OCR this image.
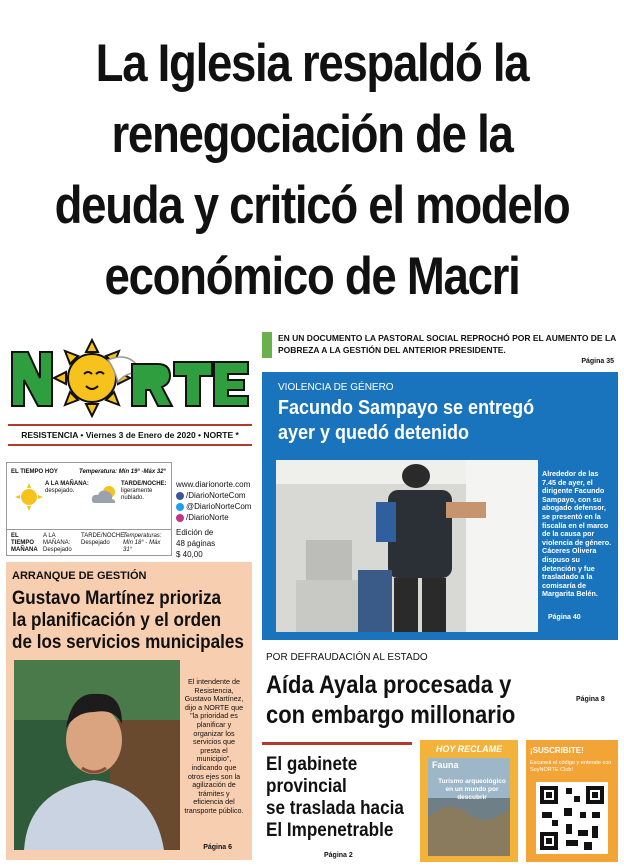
La Iglesia respaldó la
renegociación de la
deuda y criticó el modelo
económico de Macri
RESISTENCIA • Viernes 3 de Enero de 2020 • NORTE *
EL TIEMPO HOY	Temperatura: Mín 19° -Máx 32°
A LA MAÑANA:
despejado.
TARDE/NOCHE:
ligeramente nublado.
EL TIEMPO MAÑANA
A LA MAÑANA: Despejado
TARDE/NOCHE: Despejado
Temperaturas: Mín 18° - Máx 31°
www.diarionorte.com
/DiarioNorteCom
@DiarioNorteCom
/DiarioNorte
Edición de
48 páginas
$ 40,00
ARRANQUE DE GESTIÓN
Gustavo Martínez prioriza
la planificación y el orden
de los servicios municipales
Página 6
El intendente de Resistencia, Gustavo Martínez, dijo a NORTE que "la prioridad es planificar y organizar los servicios que presta el municipio", indicando que otros ejes son la agilización de trámites y eficiencia del transporte público.
EN UN DOCUMENTO LA PASTORAL SOCIAL REPROCHÓ POR EL AUMENTO DE LA POBREZA A LA GESTIÓN DEL ANTERIOR PRESIDENTE.
Página 35
VIOLENCIA DE GÉNERO
Facundo Sampayo se entregó
ayer y quedó detenido
Página 40
Alrededor de las 7.45 de ayer, el dirigente Facundo Sampayo, con su abogado defensor, se presentó en la fiscalía en el marco de la causa por violencia de género. Cáceres Olivera dispuso su detención y fue trasladado a la comisaría de Margarita Belén.
POR DEFRAUDACIÓN AL ESTADO
Aída Ayala procesada y
con embargo millonario
Página 8
El gabinete
provincial
se traslada hacia
El Impenetrable
Página 2
HOY RECLAME
Fauna
Turismo arqueológico en un mundo por descubrir
¡SUSCRIBITE!
Escaneá el código y enterate con SoyNORTE Club!
